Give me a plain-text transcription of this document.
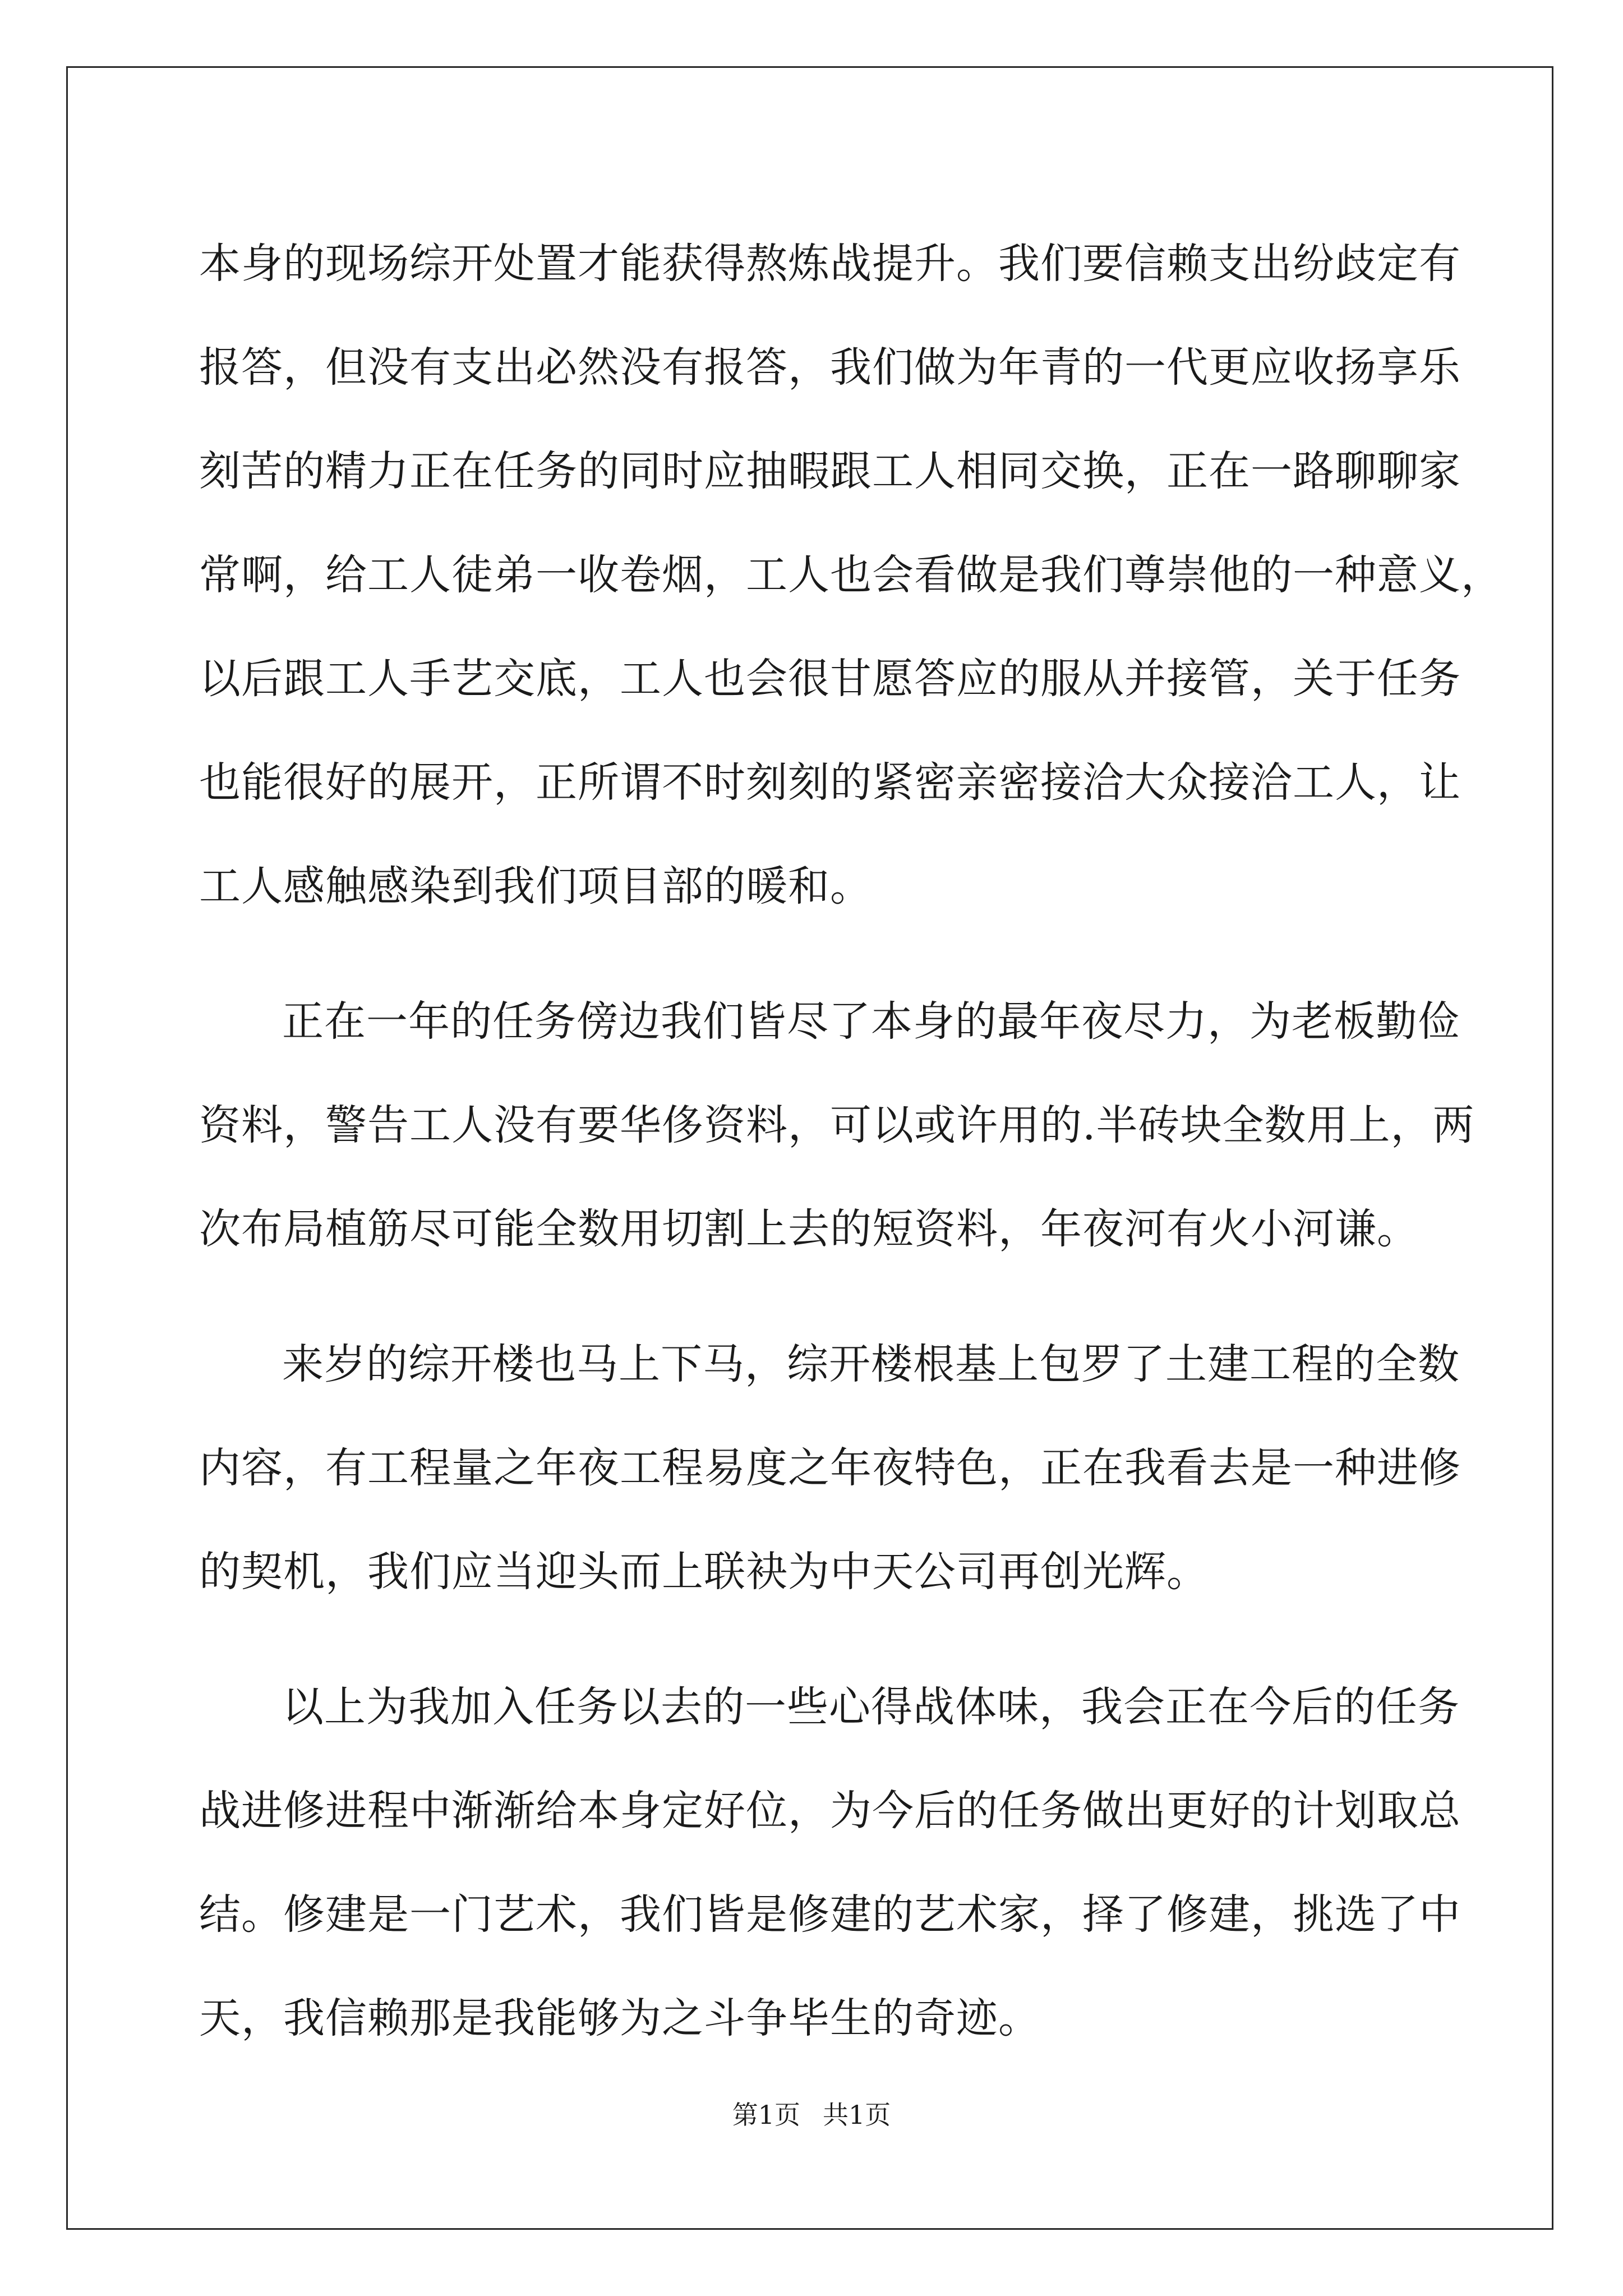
本身的现场综开处置才能获得熬炼战提升。我们要信赖支出纷歧定有
报答，但没有支出必然没有报答，我们做为年青的一代更应收扬享乐
刻苦的精力正在任务的同时应抽暇跟工人相同交换，正在一路聊聊家
常啊，给工人徒弟一收卷烟，工人也会看做是我们尊崇他的一种意义，
以后跟工人手艺交底，工人也会很甘愿答应的服从并接管，关于任务
也能很好的展开，正所谓不时刻刻的紧密亲密接洽大众接洽工人，让
工人感触感染到我们项目部的暖和。
正在一年的任务傍边我们皆尽了本身的最年夜尽力，为老板勤俭
资料，警告工人没有要华侈资料，可以或许用的.半砖块全数用上，两
次布局植筋尽可能全数用切割上去的短资料，年夜河有火小河谦。
来岁的综开楼也马上下马，综开楼根基上包罗了土建工程的全数
内容，有工程量之年夜工程易度之年夜特色，正在我看去是一种进修
的契机，我们应当迎头而上联袂为中天公司再创光辉。
以上为我加入任务以去的一些心得战体味，我会正在今后的任务
战进修进程中渐渐给本身定好位，为今后的任务做出更好的计划取总
结。修建是一门艺术，我们皆是修建的艺术家，择了修建，挑选了中
天，我信赖那是我能够为之斗争毕生的奇迹。
第1页 共1页
